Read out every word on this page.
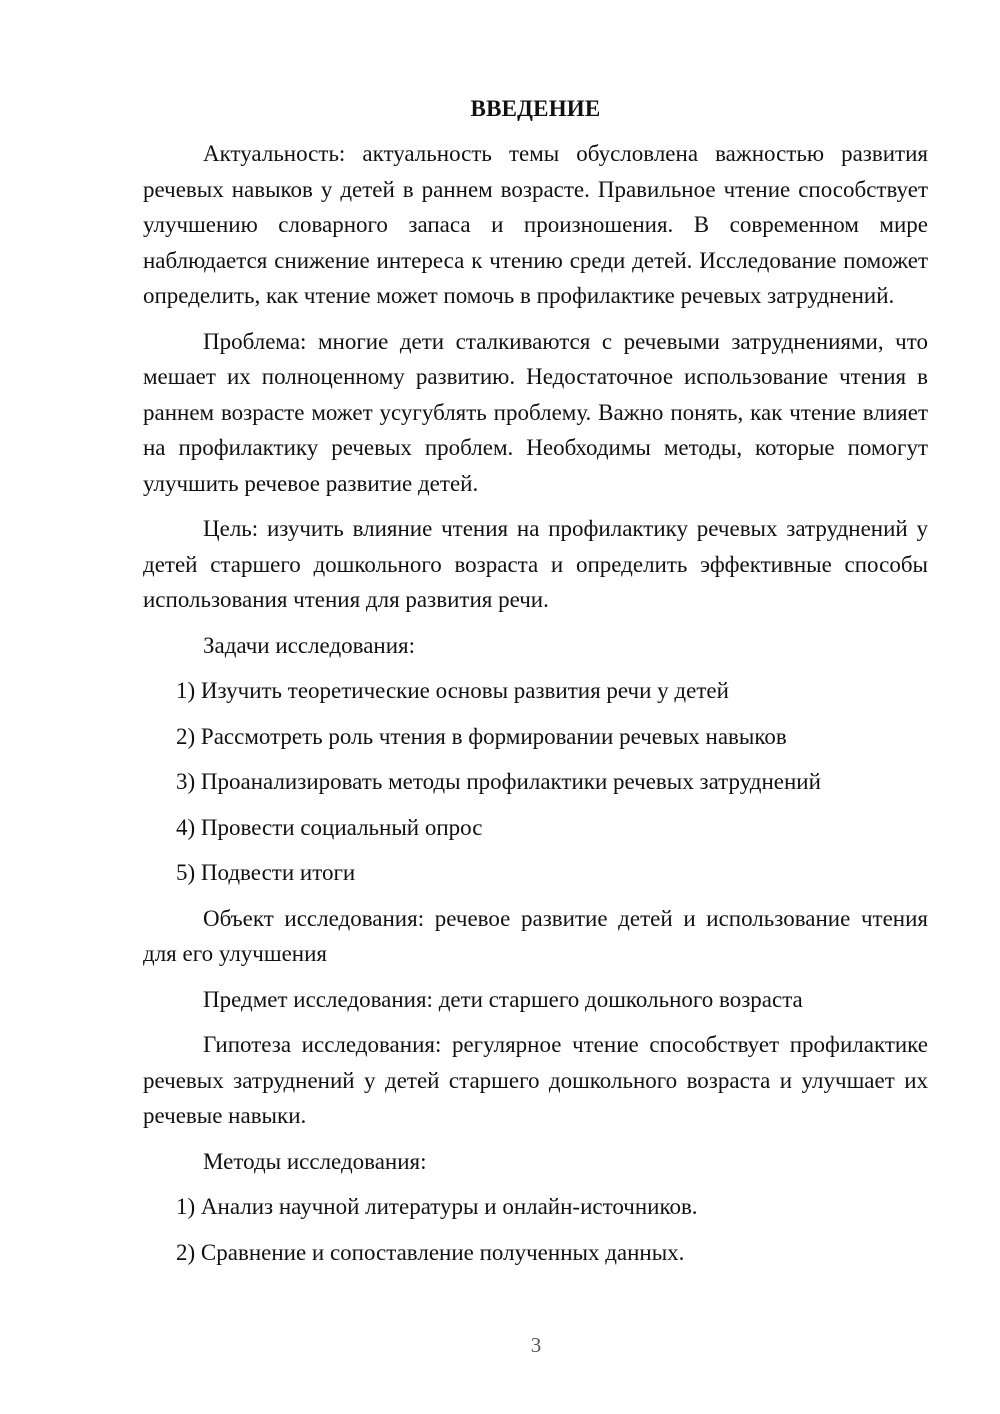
ВВЕДЕНИЕ

Актуальность: актуальность темы обусловлена важностью развития речевых навыков у детей в раннем возрасте. Правильное чтение способствует улучшению словарного запаса и произношения. В современном мире наблюдается снижение интереса к чтению среди детей. Исследование поможет определить, как чтение может помочь в профилактике речевых затруднений.

Проблема: многие дети сталкиваются с речевыми затруднениями, что мешает их полноценному развитию. Недостаточное использование чтения в раннем возрасте может усугублять проблему. Важно понять, как чтение влияет на профилактику речевых проблем. Необходимы методы, которые помогут улучшить речевое развитие детей.

Цель: изучить влияние чтения на профилактику речевых затруднений у детей старшего дошкольного возраста и определить эффективные способы использования чтения для развития речи.

Задачи исследования:

1) Изучить теоретические основы развития речи у детей

2) Рассмотреть роль чтения в формировании речевых навыков

3) Проанализировать методы профилактики речевых затруднений

4) Провести социальный опрос

5) Подвести итоги

Объект исследования: речевое развитие детей и использование чтения для его улучшения

Предмет исследования: дети старшего дошкольного возраста

Гипотеза исследования: регулярное чтение способствует профилактике речевых затруднений у детей старшего дошкольного возраста и улучшает их речевые навыки.

Методы исследования:

1) Анализ научной литературы и онлайн-источников.

2) Сравнение и сопоставление полученных данных.

3
